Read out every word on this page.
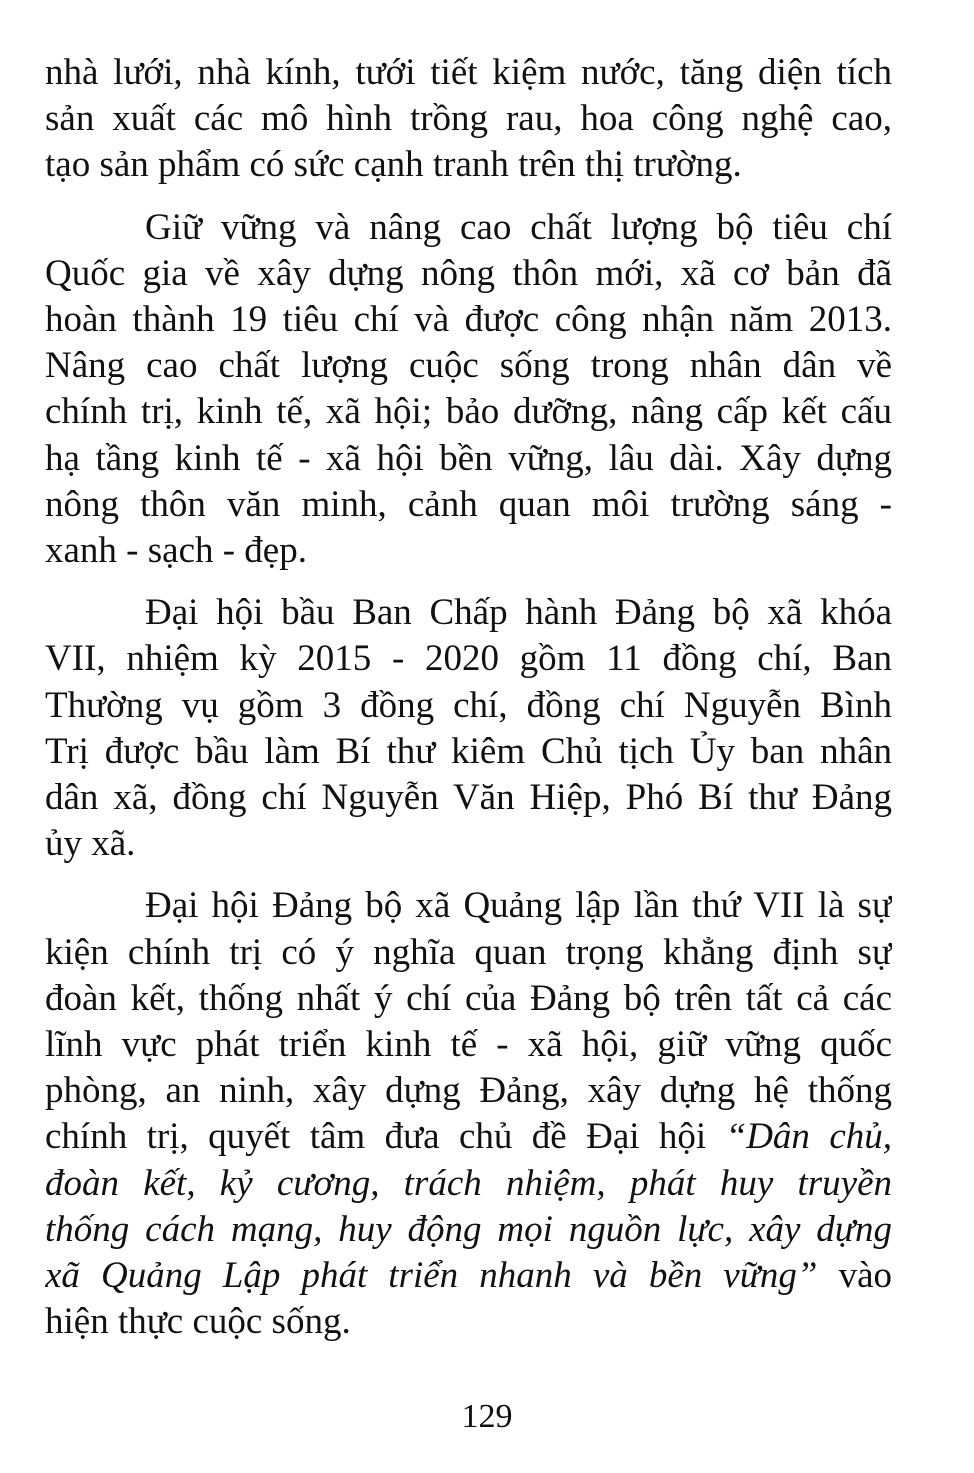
nhà lưới, nhà kính, tưới tiết kiệm nước, tăng diện tích
sản xuất các mô hình trồng rau, hoa công nghệ cao,
tạo sản phẩm có sức cạnh tranh trên thị trường.
Giữ vững và nâng cao chất lượng bộ tiêu chí
Quốc gia về xây dựng nông thôn mới, xã cơ bản đã
hoàn thành 19 tiêu chí và được công nhận năm 2013.
Nâng cao chất lượng cuộc sống trong nhân dân về
chính trị, kinh tế, xã hội; bảo dưỡng, nâng cấp kết cấu
hạ tầng kinh tế - xã hội bền vững, lâu dài. Xây dựng
nông thôn văn minh, cảnh quan môi trường sáng -
xanh - sạch - đẹp.
Đại hội bầu Ban Chấp hành Đảng bộ xã khóa
VII, nhiệm kỳ 2015 - 2020 gồm 11 đồng chí, Ban
Thường vụ gồm 3 đồng chí, đồng chí Nguyễn Bình
Trị được bầu làm Bí thư kiêm Chủ tịch Ủy ban nhân
dân xã, đồng chí Nguyễn Văn Hiệp, Phó Bí thư Đảng
ủy xã.
Đại hội Đảng bộ xã Quảng lập lần thứ VII là sự
kiện chính trị có ý nghĩa quan trọng khẳng định sự
đoàn kết, thống nhất ý chí của Đảng bộ trên tất cả các
lĩnh vực phát triển kinh tế - xã hội, giữ vững quốc
phòng, an ninh, xây dựng Đảng, xây dựng hệ thống
chính trị, quyết tâm đưa chủ đề Đại hội “Dân chủ,
đoàn kết, kỷ cương, trách nhiệm, phát huy truyền
thống cách mạng, huy động mọi nguồn lực, xây dựng
xã Quảng Lập phát triển nhanh và bền vững” vào
hiện thực cuộc sống.
129
